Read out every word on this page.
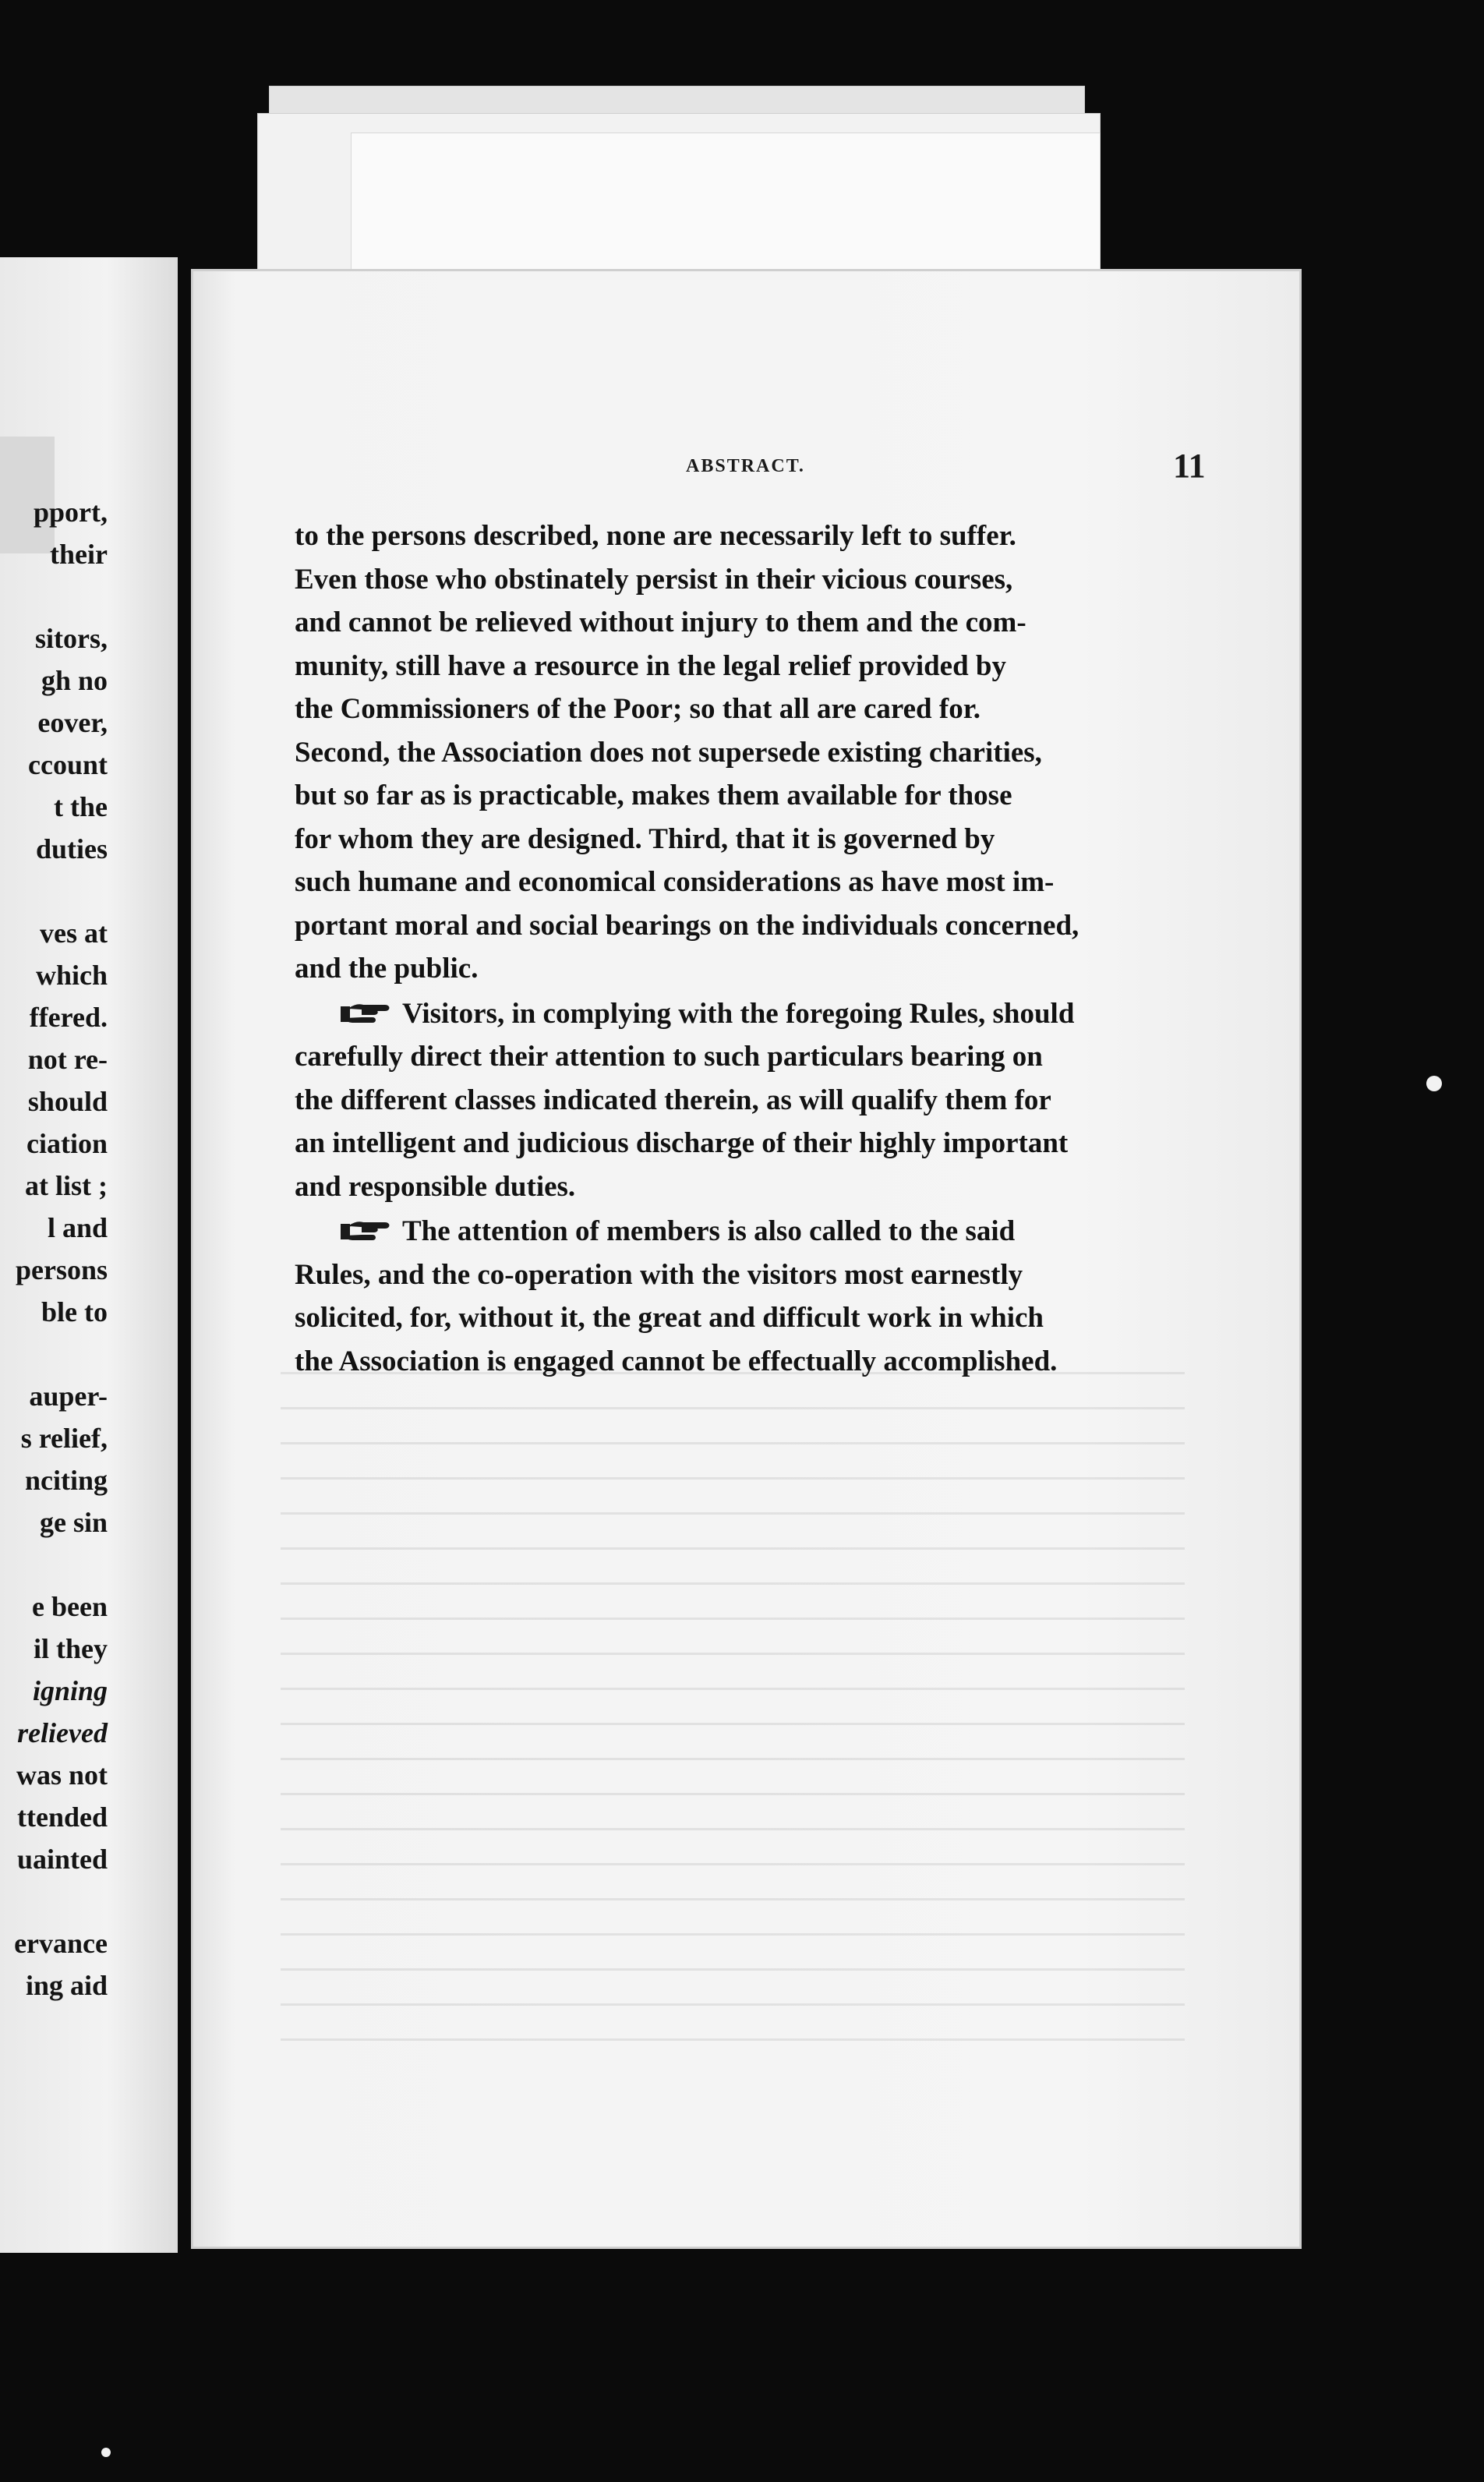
pport,
their
sitors,
gh no
eover,
ccount
t the
duties
ves at
which
ffered.
not re-
should
ciation
at list ;
l and
persons
ble to
auper-
s relief,
nciting
ge sin
e been
il they
igning
relieved
was not
ttended
uainted
ervance
ing aid
ABSTRACT.	11
to the persons described, none are necessarily left to suffer.
Even those who obstinately persist in their vicious courses,
and cannot be relieved without injury to them and the com-
munity, still have a resource in the legal relief provided by
the Commissioners of the Poor; so that all are cared for.
Second, the Association does not supersede existing charities,
but so far as is practicable, makes them available for those
for whom they are designed. Third, that it is governed by
such humane and economical considerations as have most im-
portant moral and social bearings on the individuals concerned,
and the public.
Visitors, in complying with the foregoing Rules, should
carefully direct their attention to such particulars bearing on
the different classes indicated therein, as will qualify them for
an intelligent and judicious discharge of their highly important
and responsible duties.
The attention of members is also called to the said
Rules, and the co-operation with the visitors most earnestly
solicited, for, without it, the great and difficult work in which
the Association is engaged cannot be effectually accomplished.
